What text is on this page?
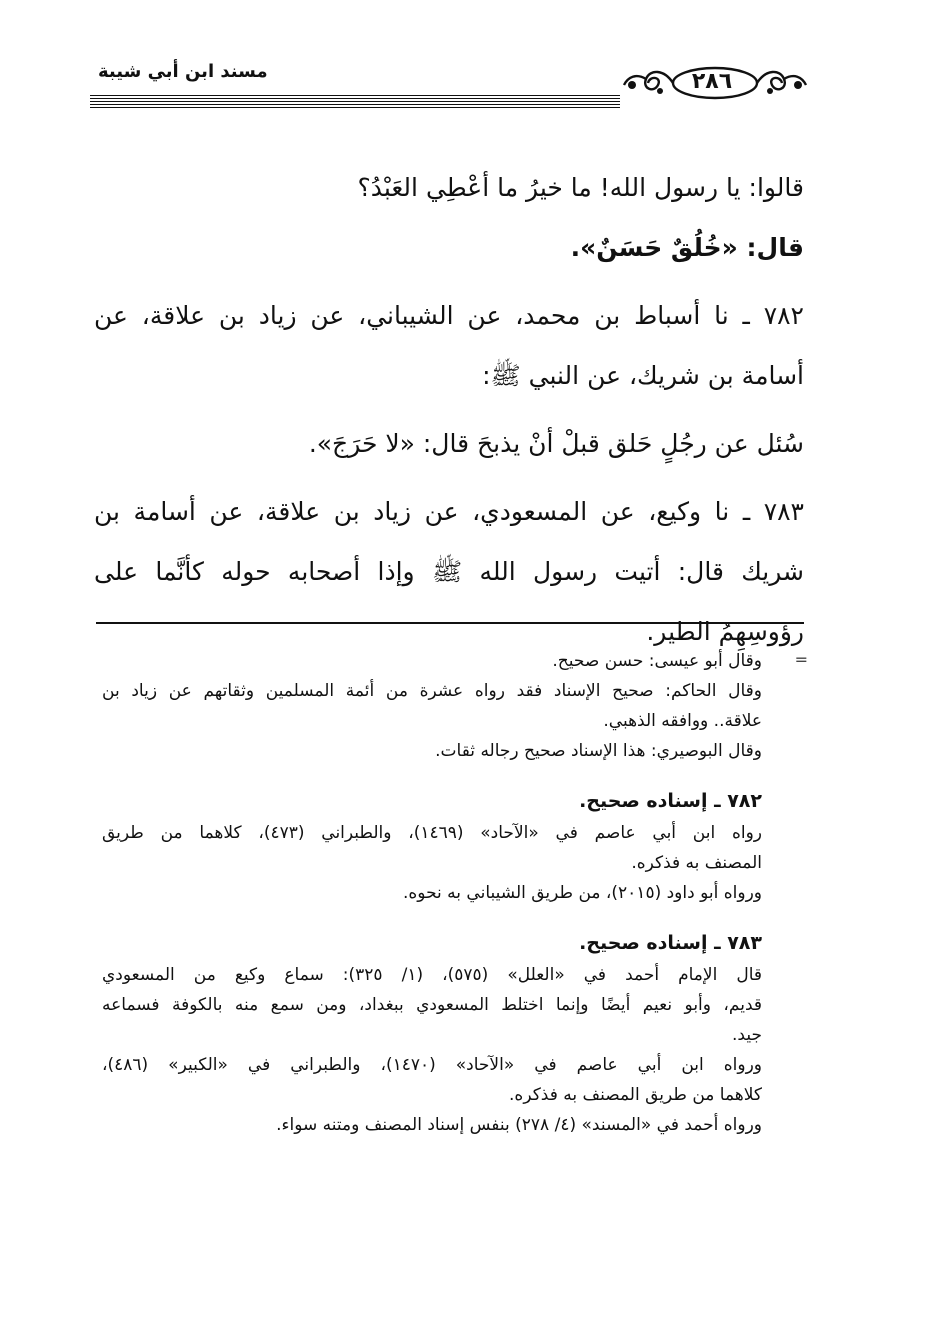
مسند ابن أبي شيبة	٢٨٦
قالوا: يا رسول الله! ما خيرُ ما أعْطِي العَبْدُ؟
قال: «خُلُقٌ حَسَنٌ».
٧٨٢ ـ نا أسباط بن محمد، عن الشيباني، عن زياد بن علاقة، عن
أسامة بن شريك، عن النبي ﷺ:
سُئل عن رجُلٍ حَلق قبلْ أنْ يذبحَ قال: «لا حَرَجَ».
٧٨٣ ـ نا وكيع، عن المسعودي، عن زياد بن علاقة، عن أسامة بن
شريك قال: أتيت رسول الله ﷺ وإذا أصحابه حوله كأنَّما على
رؤوسِهِمُ الطير.
=
وقال أبو عيسى: حسن صحيح.
وقال الحاكم: صحيح الإسناد فقد رواه عشرة من أئمة المسلمين وثقاتهم عن زياد بن
علاقة.. ووافقه الذهبي.
وقال البوصيري: هذا الإسناد صحيح رجاله ثقات.
٧٨٢ ـ إسناده صحيح.
رواه ابن أبي عاصم في «الآحاد» (١٤٦٩)، والطبراني (٤٧٣)، كلاهما من طريق
المصنف به فذكره.
ورواه أبو داود (٢٠١٥)، من طريق الشيباني به نحوه.
٧٨٣ ـ إسناده صحيح.
قال الإمام أحمد في «العلل» (٥٧٥)، (١/ ٣٢٥): سماع وكيع من المسعودي
قديم، وأبو نعيم أيضًا وإنما اختلط المسعودي ببغداد، ومن سمع منه بالكوفة فسماعه
جيد.
ورواه ابن أبي عاصم في «الآحاد» (١٤٧٠)، والطبراني في «الكبير» (٤٨٦)،
كلاهما من طريق المصنف به فذكره.
ورواه أحمد في «المسند» (٤/ ٢٧٨) بنفس إسناد المصنف ومتنه سواء.
